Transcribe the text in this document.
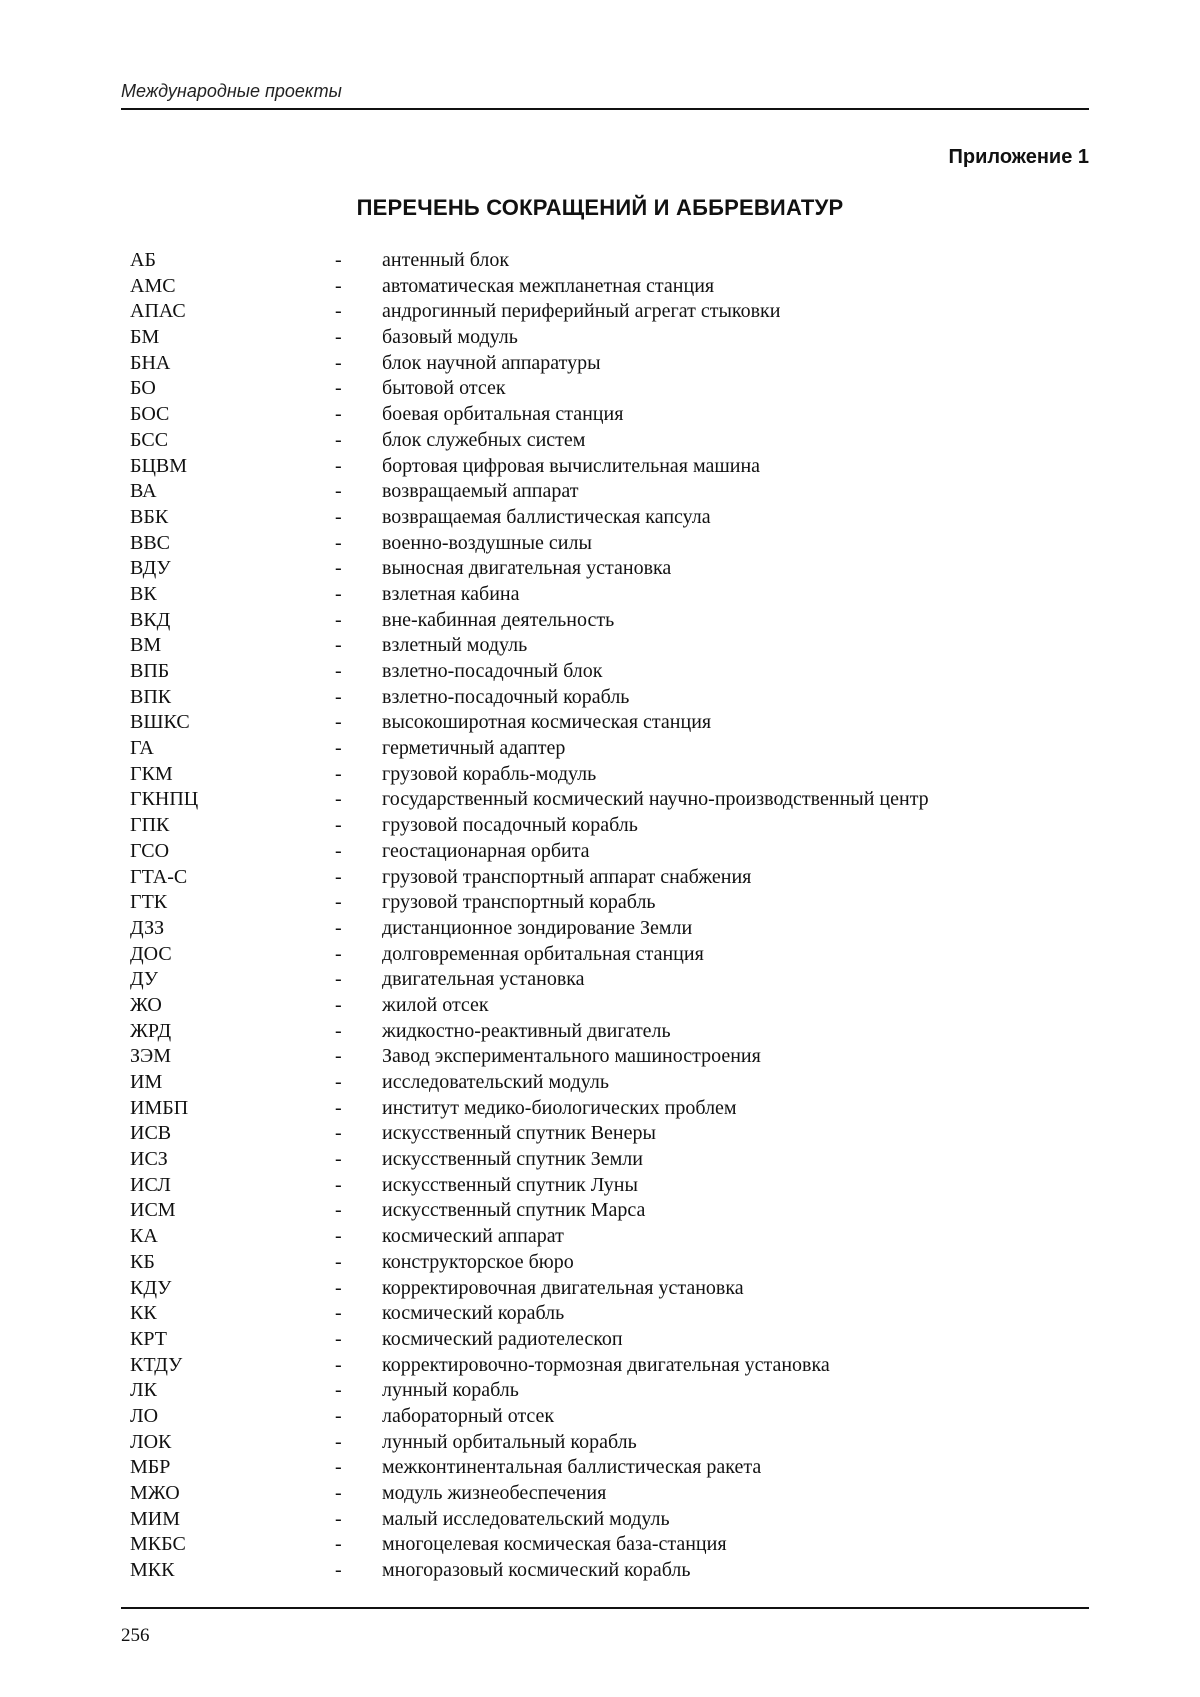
Международные проекты
Приложение 1
ПЕРЕЧЕНЬ СОКРАЩЕНИЙ И АББРЕВИАТУР
АБ	-	антенный блок
АМС	-	автоматическая межпланетная станция
АПАС	-	андрогинный периферийный агрегат стыковки
БМ	-	базовый модуль
БНА	-	блок научной аппаратуры
БО	-	бытовой отсек
БОС	-	боевая орбитальная станция
БСС	-	блок служебных систем
БЦВМ	-	бортовая цифровая вычислительная машина
ВА	-	возвращаемый аппарат
ВБК	-	возвращаемая баллистическая капсула
ВВС	-	военно-воздушные силы
ВДУ	-	выносная двигательная установка
ВК	-	взлетная кабина
ВКД	-	вне-кабинная деятельность
ВМ	-	взлетный модуль
ВПБ	-	взлетно-посадочный блок
ВПК	-	взлетно-посадочный корабль
ВШКС	-	высокоширотная космическая станция
ГА	-	герметичный адаптер
ГКМ	-	грузовой корабль-модуль
ГКНПЦ	-	государственный космический научно-производственный центр
ГПК	-	грузовой посадочный корабль
ГСО	-	геостационарная орбита
ГТА-С	-	грузовой транспортный аппарат снабжения
ГТК	-	грузовой транспортный корабль
ДЗЗ	-	дистанционное зондирование Земли
ДОС	-	долговременная орбитальная станция
ДУ	-	двигательная установка
ЖО	-	жилой отсек
ЖРД	-	жидкостно-реактивный двигатель
ЗЭМ	-	Завод экспериментального машиностроения
ИМ	-	исследовательский модуль
ИМБП	-	институт медико-биологических проблем
ИСВ	-	искусственный спутник Венеры
ИСЗ	-	искусственный спутник Земли
ИСЛ	-	искусственный спутник Луны
ИСМ	-	искусственный спутник Марса
КА	-	космический аппарат
КБ	-	конструкторское бюро
КДУ	-	корректировочная двигательная установка
КК	-	космический корабль
КРТ	-	космический радиотелескоп
КТДУ	-	корректировочно-тормозная двигательная установка
ЛК	-	лунный корабль
ЛО	-	лабораторный отсек
ЛОК	-	лунный орбитальный корабль
МБР	-	межконтинентальная баллистическая ракета
МЖО	-	модуль жизнеобеспечения
МИМ	-	малый исследовательский модуль
МКБС	-	многоцелевая космическая база-станция
МКК	-	многоразовый космический корабль
256
